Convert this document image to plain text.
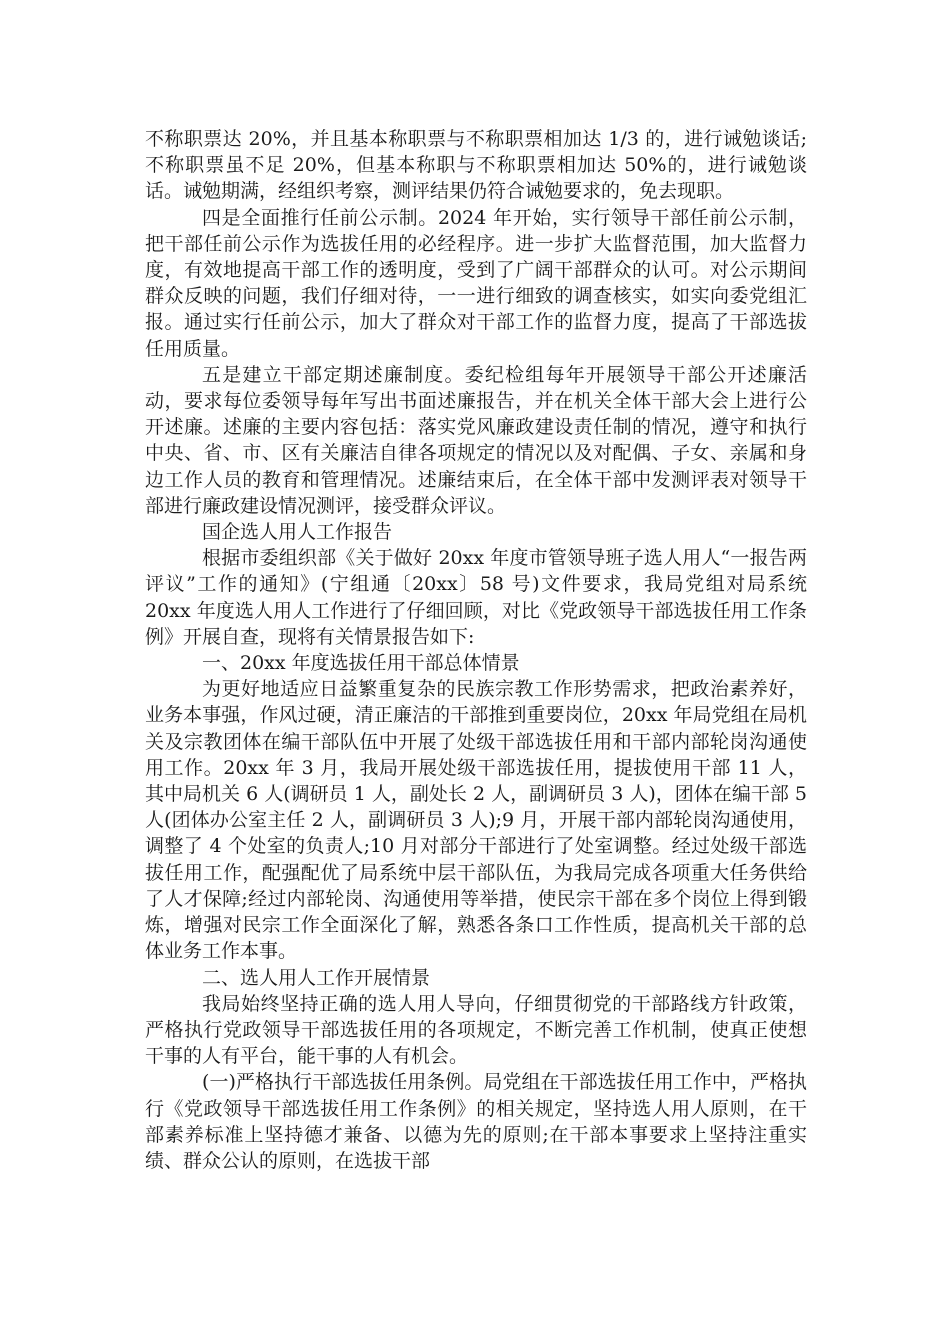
不称职票达 20%，并且基本称职票与不称职票相加达 1/3 的，进行诫勉谈话;不称职票虽不足 20%，但基本称职与不称职票相加达 50%的，进行诫勉谈话。诫勉期满，经组织考察，测评结果仍符合诫勉要求的，免去现职。

四是全面推行任前公示制。2024 年开始，实行领导干部任前公示制，把干部任前公示作为选拔任用的必经程序。进一步扩大监督范围，加大监督力度，有效地提高干部工作的透明度，受到了广阔干部群众的认可。对公示期间群众反映的问题，我们仔细对待，一一进行细致的调查核实，如实向委党组汇报。通过实行任前公示，加大了群众对干部工作的监督力度，提高了干部选拔任用质量。

五是建立干部定期述廉制度。委纪检组每年开展领导干部公开述廉活动，要求每位委领导每年写出书面述廉报告，并在机关全体干部大会上进行公开述廉。述廉的主要内容包括：落实党风廉政建设责任制的情况，遵守和执行中央、省、市、区有关廉洁自律各项规定的情况以及对配偶、子女、亲属和身边工作人员的教育和管理情况。述廉结束后，在全体干部中发测评表对领导干部进行廉政建设情况测评，接受群众评议。

国企选人用人工作报告

根据市委组织部《关于做好 20xx 年度市管领导班子选人用人“一报告两评议”工作的通知》(宁组通〔20xx〕58 号)文件要求，我局党组对局系统 20xx 年度选人用人工作进行了仔细回顾，对比《党政领导干部选拔任用工作条例》开展自查，现将有关情景报告如下:

一、20xx 年度选拔任用干部总体情景

为更好地适应日益繁重复杂的民族宗教工作形势需求，把政治素养好，业务本事强，作风过硬，清正廉洁的干部推到重要岗位，20xx 年局党组在局机关及宗教团体在编干部队伍中开展了处级干部选拔任用和干部内部轮岗沟通使用工作。20xx 年 3 月，我局开展处级干部选拔任用，提拔使用干部 11 人，其中局机关 6 人(调研员 1 人，副处长 2 人，副调研员 3 人)，团体在编干部 5 人(团体办公室主任 2 人，副调研员 3 人);9 月，开展干部内部轮岗沟通使用，调整了 4 个处室的负责人;10 月对部分干部进行了处室调整。经过处级干部选拔任用工作，配强配优了局系统中层干部队伍，为我局完成各项重大任务供给了人才保障;经过内部轮岗、沟通使用等举措，使民宗干部在多个岗位上得到锻炼，增强对民宗工作全面深化了解，熟悉各条口工作性质，提高机关干部的总体业务工作本事。

二、选人用人工作开展情景

我局始终坚持正确的选人用人导向，仔细贯彻党的干部路线方针政策，严格执行党政领导干部选拔任用的各项规定，不断完善工作机制，使真正使想干事的人有平台，能干事的人有机会。

(一)严格执行干部选拔任用条例。局党组在干部选拔任用工作中，严格执行《党政领导干部选拔任用工作条例》的相关规定，坚持选人用人原则，在干部素养标准上坚持德才兼备、以德为先的原则;在干部本事要求上坚持注重实绩、群众公认的原则，在选拔干部
